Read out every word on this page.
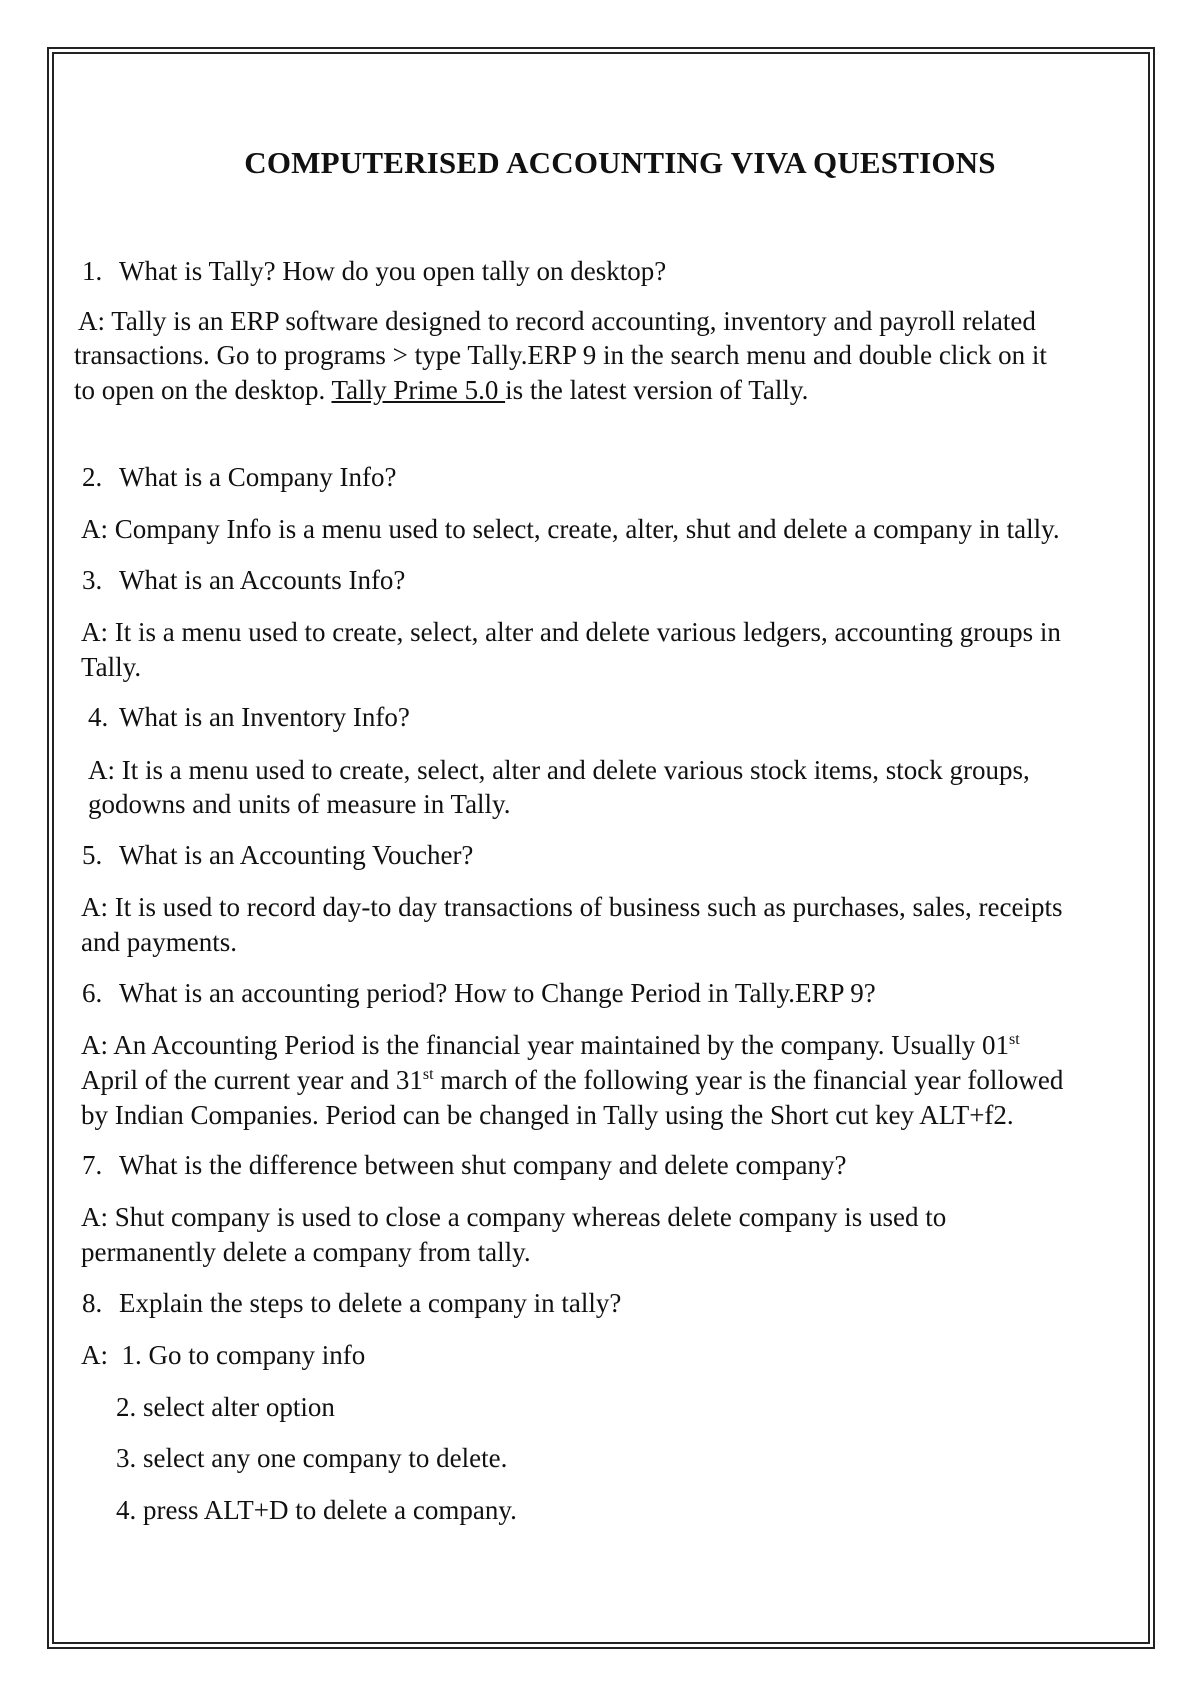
COMPUTERISED ACCOUNTING VIVA QUESTIONS
1. What is Tally? How do you open tally on desktop?
A: Tally is an ERP software designed to record accounting, inventory and payroll related
transactions. Go to programs > type Tally.ERP 9 in the search menu and double click on it
to open on the desktop. Tally Prime 5.0 is the latest version of Tally.
2. What is a Company Info?
A: Company Info is a menu used to select, create, alter, shut and delete a company in tally.
3. What is an Accounts Info?
A: It is a menu used to create, select, alter and delete various ledgers, accounting groups in
Tally.
4. What is an Inventory Info?
A: It is a menu used to create, select, alter and delete various stock items, stock groups,
godowns and units of measure in Tally.
5. What is an Accounting Voucher?
A: It is used to record day-to day transactions of business such as purchases, sales, receipts
and payments.
6. What is an accounting period? How to Change Period in Tally.ERP 9?
A: An Accounting Period is the financial year maintained by the company. Usually 01st
April of the current year and 31st march of the following year is the financial year followed
by Indian Companies. Period can be changed in Tally using the Short cut key ALT+f2.
7. What is the difference between shut company and delete company?
A: Shut company is used to close a company whereas delete company is used to
permanently delete a company from tally.
8. Explain the steps to delete a company in tally?
A:  1. Go to company info
2. select alter option
3. select any one company to delete.
4. press ALT+D to delete a company.
